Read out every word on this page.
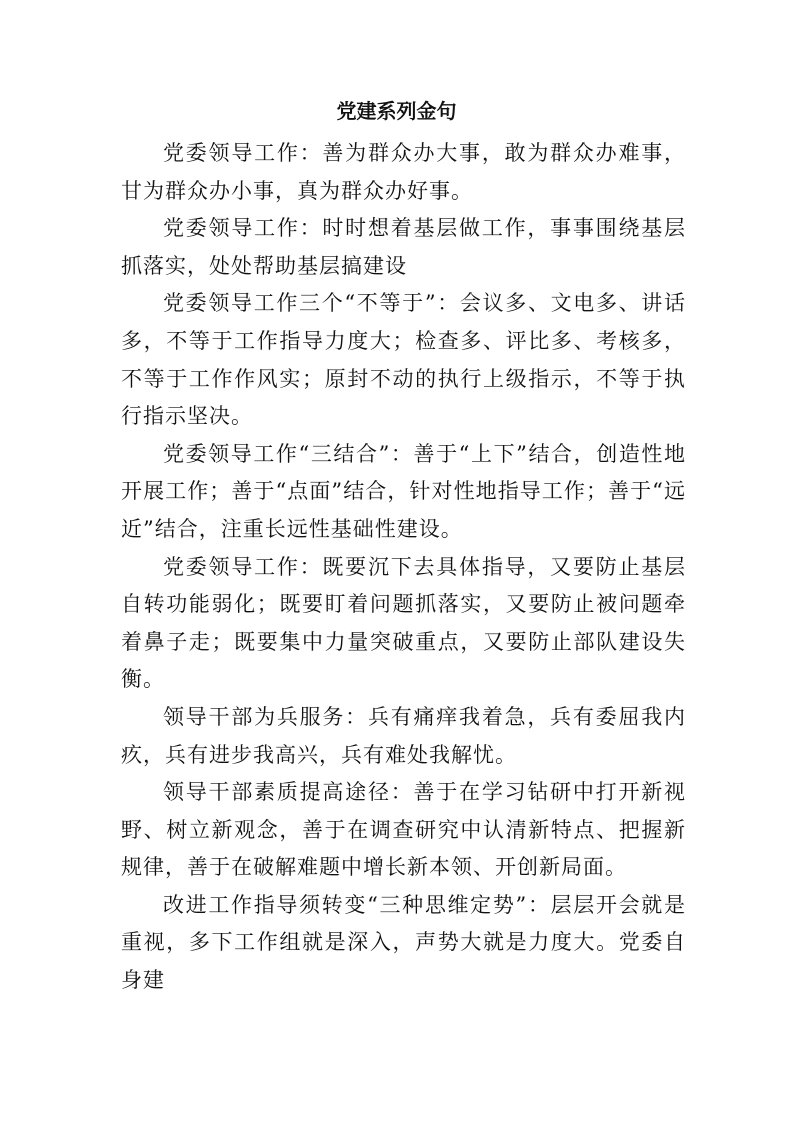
党建系列金句

党委领导工作：善为群众办大事，敢为群众办难事，甘为群众办小事，真为群众办好事。

党委领导工作：时时想着基层做工作，事事围绕基层抓落实，处处帮助基层搞建设

党委领导工作三个“不等于”：会议多、文电多、讲话多，不等于工作指导力度大；检查多、评比多、考核多，不等于工作作风实；原封不动的执行上级指示，不等于执行指示坚决。

党委领导工作“三结合”：善于“上下”结合，创造性地开展工作；善于“点面”结合，针对性地指导工作；善于“远近”结合，注重长远性基础性建设。

党委领导工作：既要沉下去具体指导，又要防止基层自转功能弱化；既要盯着问题抓落实，又要防止被问题牵着鼻子走；既要集中力量突破重点，又要防止部队建设失衡。

领导干部为兵服务：兵有痛痒我着急，兵有委屈我内疚，兵有进步我高兴，兵有难处我解忧。

领导干部素质提高途径：善于在学习钻研中打开新视野、树立新观念，善于在调查研究中认清新特点、把握新规律，善于在破解难题中增长新本领、开创新局面。

改进工作指导须转变“三种思维定势”：层层开会就是重视，多下工作组就是深入，声势大就是力度大。党委自身建
